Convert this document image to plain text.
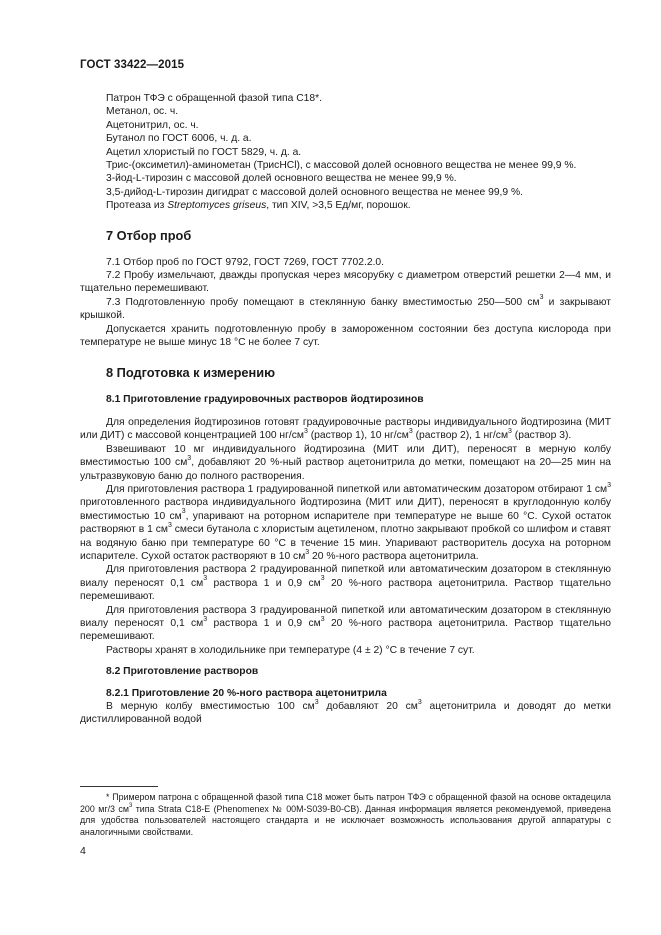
ГОСТ 33422—2015

Патрон ТФЭ с обращенной фазой типа C18*.

Метанол, ос. ч.

Ацетонитрил, ос. ч.

Бутанол по ГОСТ 6006, ч. д. а.

Ацетил хлористый по ГОСТ 5829, ч. д. а.

Трис-(оксиметил)-аминометан (ТрисHCl), с массовой долей основного вещества не менее 99,9 %.

3-йод-L-тирозин с массовой долей основного вещества не менее 99,9 %.

3,5-дийод-L-тирозин дигидрат с массовой долей основного вещества не менее 99,9 %.

Протеаза из Streptomyces griseus, тип XIV, >3,5 Ед/мг, порошок.

7 Отбор проб

7.1 Отбор проб по ГОСТ 9792, ГОСТ 7269, ГОСТ 7702.2.0.

7.2 Пробу измельчают, дважды пропуская через мясорубку с диаметром отверстий решетки 2—4 мм, и тщательно перемешивают.

7.3 Подготовленную пробу помещают в стеклянную банку вместимостью 250—500 $см^3$ и закрывают крышкой.

Допускается хранить подготовленную пробу в замороженном состоянии без доступа кислорода при температуре не выше минус 18 °С не более 7 сут.

8 Подготовка к измерению
8.1 Приготовление градуировочных растворов йодтирозинов

Для определения йодтирозинов готовят градуировочные растворы индивидуального йодтирозина (МИТ или ДИТ) с массовой концентрацией 100 $нг/см^3$ (раствор 1), 10 $нг/см^3$ (раствор 2), 1 $нг/см^3$ (раствор 3).

Взвешивают 10 мг индивидуального йодтирозина (МИТ или ДИТ), переносят в мерную колбу вместимостью 100 $см^3$, добавляют 20 %-ный раствор ацетонитрила до метки, помещают на 20—25 мин на ультразвуковую баню до полного растворения.

Для приготовления раствора 1 градуированной пипеткой или автоматическим дозатором отбирают 1 $см^3$ приготовленного раствора индивидуального йодтирозина (МИТ или ДИТ), переносят в круглодонную колбу вместимостью 10 $см^3$, упаривают на роторном испарителе при температуре не выше 60 °С. Сухой остаток растворяют в 1 $см^3$ смеси бутанола с хлористым ацетиленом, плотно закрывают пробкой со шлифом и ставят на водяную баню при температуре 60 °С в течение 15 мин. Упаривают растворитель досуха на роторном испарителе. Сухой остаток растворяют в 10 $см^3$ 20 %-ного раствора ацетонитрила.

Для приготовления раствора 2 градуированной пипеткой или автоматическим дозатором в стеклянную виалу переносят 0,1 $см^3$ раствора 1 и 0,9 $см^3$ 20 %-ного раствора ацетонитрила. Раствор тщательно перемешивают.

Для приготовления раствора 3 градуированной пипеткой или автоматическим дозатором в стеклянную виалу переносят 0,1 $см^3$ раствора 1 и 0,9 $см^3$ 20 %-ного раствора ацетонитрила. Раствор тщательно перемешивают.

Растворы хранят в холодильнике при температуре (4 ± 2) °С в течение 7 сут.

8.2 Приготовление растворов
8.2.1 Приготовление 20 %-ного раствора ацетонитрила

В мерную колбу вместимостью 100 $см^3$ добавляют 20 $см^3$ ацетонитрила и доводят до метки дистиллированной водой

* Примером патрона с обращенной фазой типа C18 может быть патрон ТФЭ с обращенной фазой на основе октадецила 200 мг/3 $см^3$ типа Strata C18-E (Phenomenex № 00M-S039-B0-CB). Данная информация является рекомендуемой, приведена для удобства пользователей настоящего стандарта и не исключает возможность использования другой аппаратуры с аналогичными свойствами.

4
